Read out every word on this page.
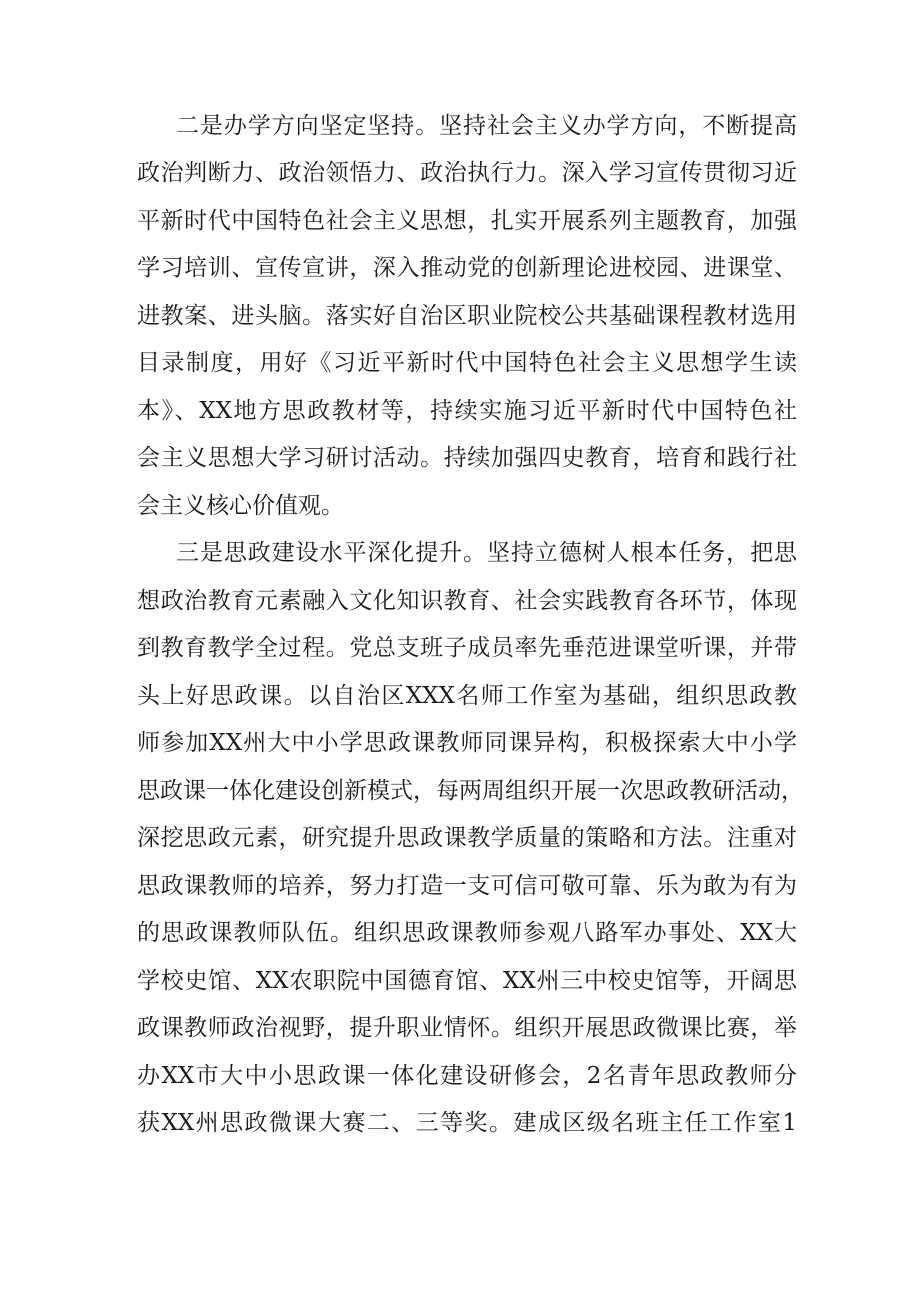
二是办学方向坚定坚持。坚持社会主义办学方向，不断提高

政治判断力、政治领悟力、政治执行力。深入学习宣传贯彻习近

平新时代中国特色社会主义思想，扎实开展系列主题教育，加强

学习培训、宣传宣讲，深入推动党的创新理论进校园、进课堂、

进教案、进头脑。落实好自治区职业院校公共基础课程教材选用

目录制度，用好《习近平新时代中国特色社会主义思想学生读

本》、XX地方思政教材等，持续实施习近平新时代中国特色社

会主义思想大学习研讨活动。持续加强四史教育，培育和践行社

会主义核心价值观。

三是思政建设水平深化提升。坚持立德树人根本任务，把思

想政治教育元素融入文化知识教育、社会实践教育各环节，体现

到教育教学全过程。党总支班子成员率先垂范进课堂听课，并带

头上好思政课。以自治区XXX名师工作室为基础，组织思政教

师参加XX州大中小学思政课教师同课异构，积极探索大中小学

思政课一体化建设创新模式，每两周组织开展一次思政教研活动，

深挖思政元素，研究提升思政课教学质量的策略和方法。注重对

思政课教师的培养，努力打造一支可信可敬可靠、乐为敢为有为

的思政课教师队伍。组织思政课教师参观八路军办事处、XX大

学校史馆、XX农职院中国德育馆、XX州三中校史馆等，开阔思

政课教师政治视野，提升职业情怀。组织开展思政微课比赛，举

办XX市大中小思政课一体化建设研修会，2名青年思政教师分

获XX州思政微课大赛二、三等奖。建成区级名班主任工作室1
